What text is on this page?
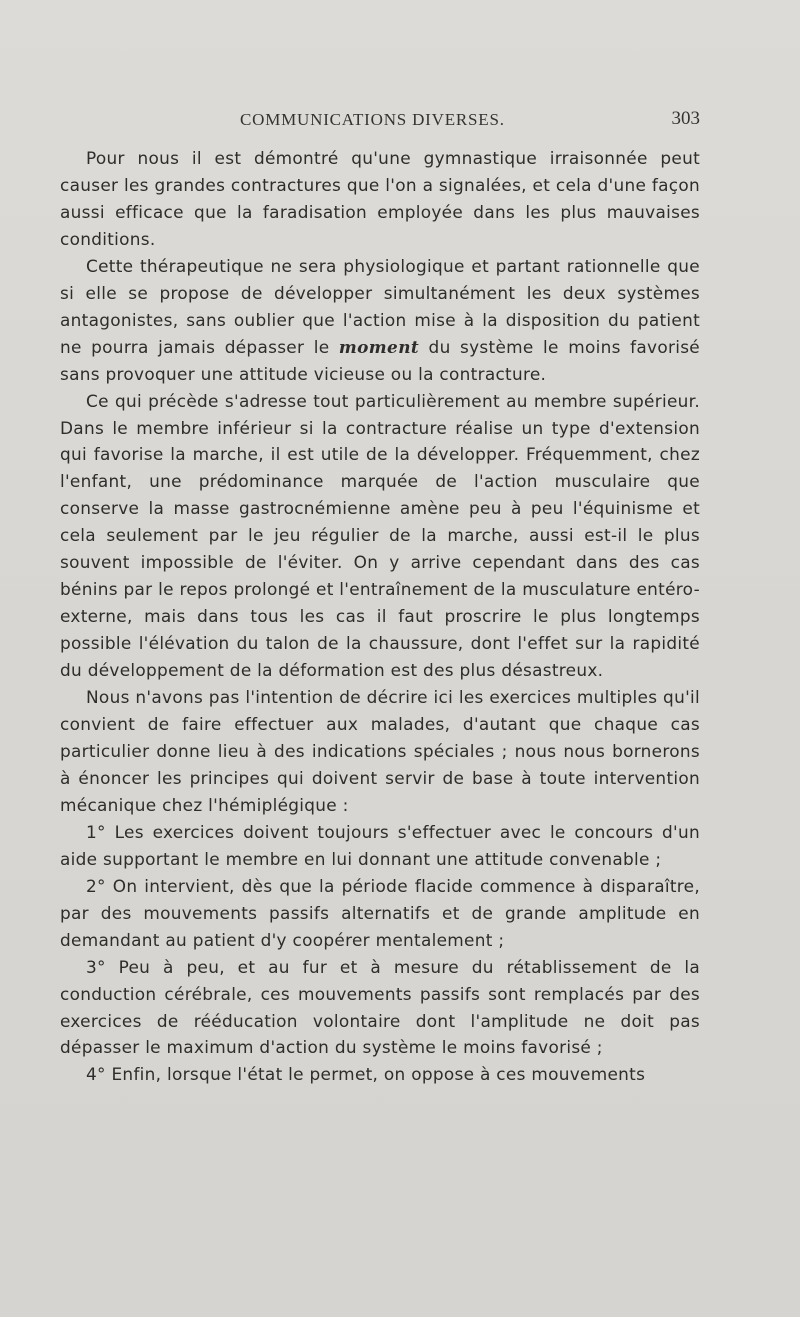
COMMUNICATIONS DIVERSES.	303

Pour nous il est démontré qu'une gymnastique irraisonnée peut causer les grandes contractures que l'on a signalées, et cela d'une façon aussi efficace que la faradisation employée dans les plus mauvaises conditions.

Cette thérapeutique ne sera physiologique et partant rationnelle que si elle se propose de développer simultanément les deux systèmes antagonistes, sans oublier que l'action mise à la disposition du patient ne pourra jamais dépasser le moment du système le moins favorisé sans provoquer une attitude vicieuse ou la contracture.

Ce qui précède s'adresse tout particulièrement au membre supérieur. Dans le membre inférieur si la contracture réalise un type d'extension qui favorise la marche, il est utile de la développer. Fréquemment, chez l'enfant, une prédominance marquée de l'action musculaire que conserve la masse gastrocnémienne amène peu à peu l'équinisme et cela seulement par le jeu régulier de la marche, aussi est-il le plus souvent impossible de l'éviter. On y arrive cependant dans des cas bénins par le repos prolongé et l'entraînement de la musculature entéro-externe, mais dans tous les cas il faut proscrire le plus longtemps possible l'élévation du talon de la chaussure, dont l'effet sur la rapidité du développement de la déformation est des plus désastreux.

Nous n'avons pas l'intention de décrire ici les exercices multiples qu'il convient de faire effectuer aux malades, d'autant que chaque cas particulier donne lieu à des indications spéciales ; nous nous bornerons à énoncer les principes qui doivent servir de base à toute intervention mécanique chez l'hémiplégique :

1° Les exercices doivent toujours s'effectuer avec le concours d'un aide supportant le membre en lui donnant une attitude convenable ;

2° On intervient, dès que la période flacide commence à disparaître, par des mouvements passifs alternatifs et de grande amplitude en demandant au patient d'y coopérer mentalement ;

3° Peu à peu, et au fur et à mesure du rétablissement de la conduction cérébrale, ces mouvements passifs sont remplacés par des exercices de rééducation volontaire dont l'amplitude ne doit pas dépasser le maximum d'action du système le moins favorisé ;

4° Enfin, lorsque l'état le permet, on oppose à ces mouvements
